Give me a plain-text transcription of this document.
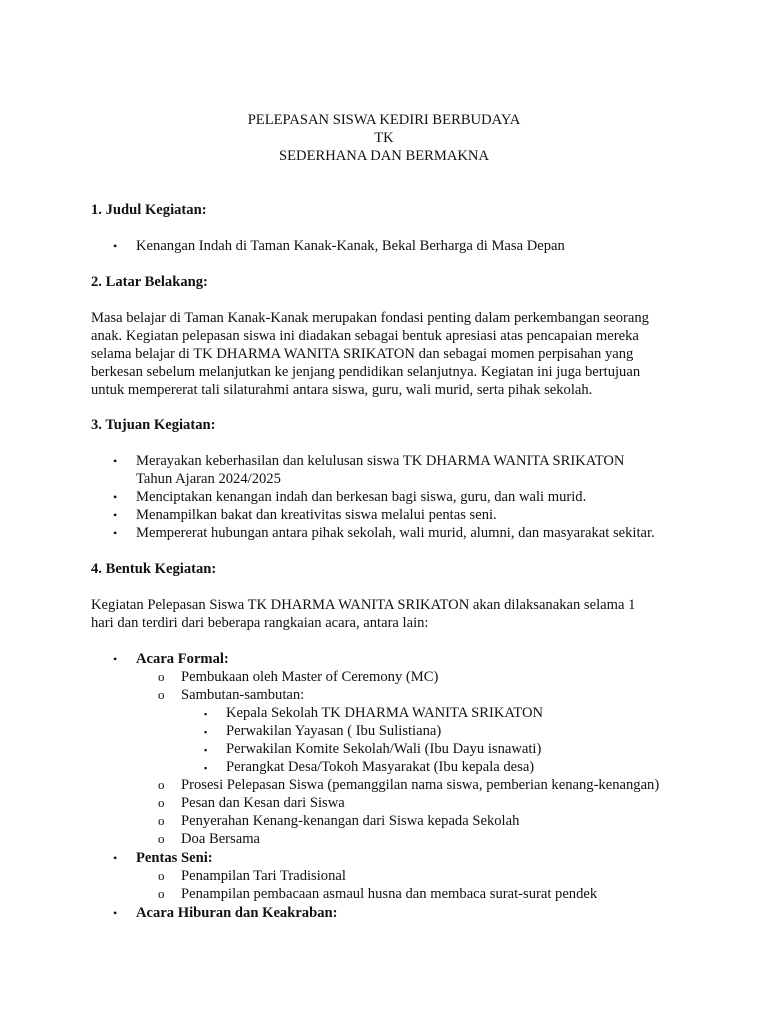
PELEPASAN SISWA KEDIRI BERBUDAYA
TK
SEDERHANA DAN BERMAKNA
1. Judul Kegiatan:
• Kenangan Indah di Taman Kanak-Kanak, Bekal Berharga di Masa Depan
2. Latar Belakang:
Masa belajar di Taman Kanak-Kanak merupakan fondasi penting dalam perkembangan seorang
anak. Kegiatan pelepasan siswa ini diadakan sebagai bentuk apresiasi atas pencapaian mereka
selama belajar di TK DHARMA WANITA SRIKATON dan sebagai momen perpisahan yang
berkesan sebelum melanjutkan ke jenjang pendidikan selanjutnya. Kegiatan ini juga bertujuan
untuk mempererat tali silaturahmi antara siswa, guru, wali murid, serta pihak sekolah.
3. Tujuan Kegiatan:
• Merayakan keberhasilan dan kelulusan siswa TK DHARMA WANITA SRIKATON
Tahun Ajaran 2024/2025
• Menciptakan kenangan indah dan berkesan bagi siswa, guru, dan wali murid.
• Menampilkan bakat dan kreativitas siswa melalui pentas seni.
• Mempererat hubungan antara pihak sekolah, wali murid, alumni, dan masyarakat sekitar.
4. Bentuk Kegiatan:
Kegiatan Pelepasan Siswa TK DHARMA WANITA SRIKATON akan dilaksanakan selama 1
hari dan terdiri dari beberapa rangkaian acara, antara lain:
• Acara Formal:
o Pembukaan oleh Master of Ceremony (MC)
o Sambutan-sambutan:
▪ Kepala Sekolah TK DHARMA WANITA SRIKATON
▪ Perwakilan Yayasan ( Ibu Sulistiana)
▪ Perwakilan Komite Sekolah/Wali (Ibu Dayu isnawati)
▪ Perangkat Desa/Tokoh Masyarakat (Ibu kepala desa)
o Prosesi Pelepasan Siswa (pemanggilan nama siswa, pemberian kenang-kenangan)
o Pesan dan Kesan dari Siswa
o Penyerahan Kenang-kenangan dari Siswa kepada Sekolah
o Doa Bersama
• Pentas Seni:
o Penampilan Tari Tradisional
o Penampilan pembacaan asmaul husna dan membaca surat-surat pendek
• Acara Hiburan dan Keakraban:
